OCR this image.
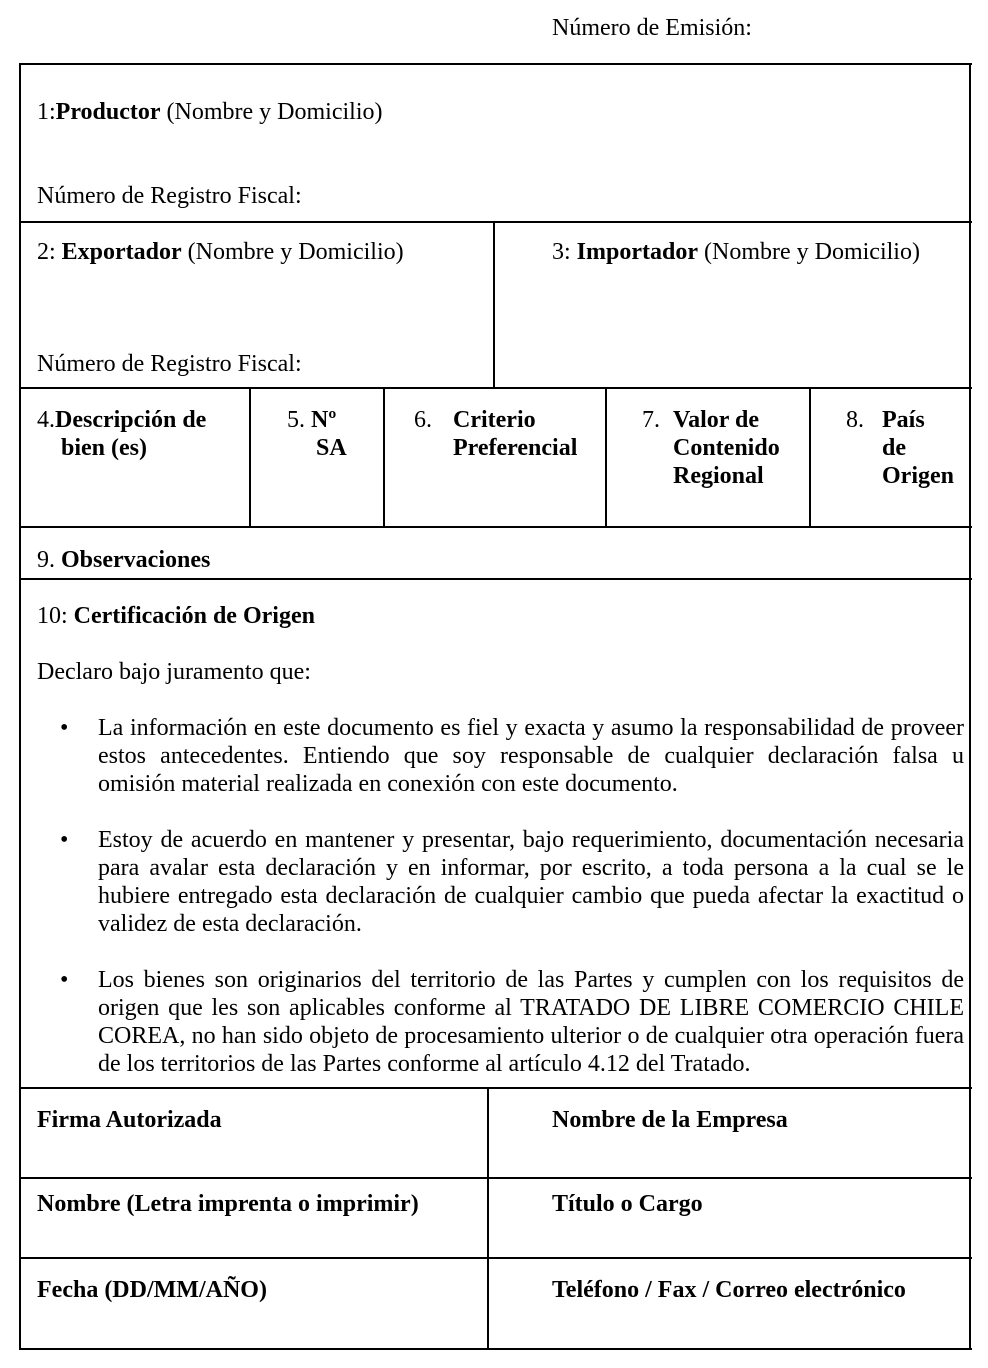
Número de Emisión:
1:Productor (Nombre y Domicilio)
Número de Registro Fiscal:
2: Exportador (Nombre y Domicilio)
Número de Registro Fiscal:
3: Importador (Nombre y Domicilio)
4.Descripción de
bien (es)
5. Nº
SA
6. Criterio
Preferencial
7. Valor de
Contenido
Regional
8. País
de
Origen
9. Observaciones
10: Certificación de Origen
Declaro bajo juramento que:
• La información en este documento es fiel y exacta y asumo la responsabilidad de proveer estos antecedentes. Entiendo que soy responsable de cualquier declaración falsa u omisión material realizada en conexión con este documento.
• Estoy de acuerdo en mantener y presentar, bajo requerimiento, documentación necesaria para avalar esta declaración y en informar, por escrito, a toda persona a la cual se le hubiere entregado esta declaración de cualquier cambio que pueda afectar la exactitud o validez de esta declaración.
• Los bienes son originarios del territorio de las Partes y cumplen con los requisitos de origen que les son aplicables conforme al TRATADO DE LIBRE COMERCIO CHILE COREA, no han sido objeto de procesamiento ulterior o de cualquier otra operación fuera de los territorios de las Partes conforme al artículo 4.12 del Tratado.
Firma Autorizada	Nombre de la Empresa
Nombre (Letra imprenta o imprimir)	Título o Cargo
Fecha (DD/MM/AÑO)	Teléfono / Fax / Correo electrónico
